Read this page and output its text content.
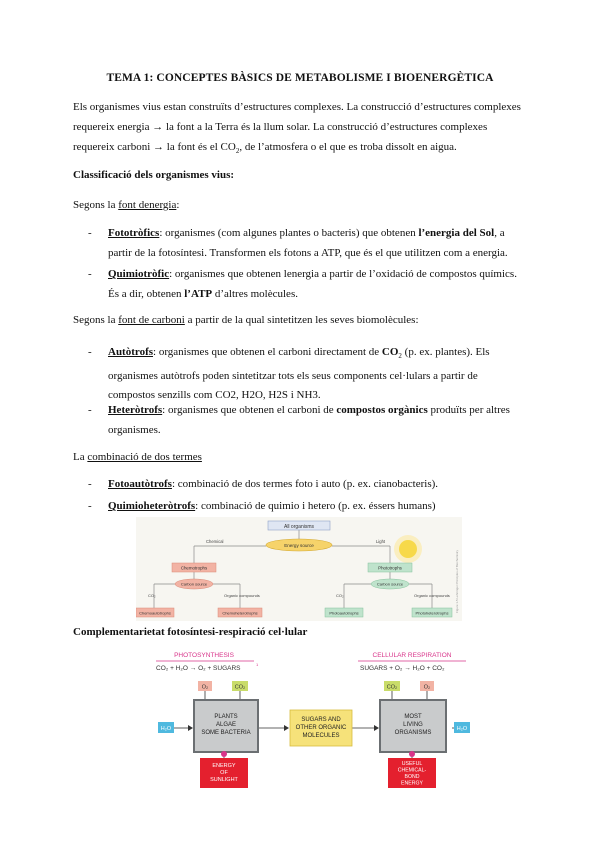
TEMA 1: CONCEPTES BÀSICS DE METABOLISME I BIOENERGÈTICA
Els organismes vius estan construïts d’estructures complexes. La construcció d’estructures complexes
requereix energia → la font a la Terra és la llum solar. La construcció d’estructures complexes
requereix carboni → la font és el $CO_2$, de l’atmosfera o el que es troba dissolt en aigua.
Classificació dels organismes vius:
Segons la font denergia:
- Fototròfics: organismes (com algunes plantes o bacteris) que obtenen l’energia del Sol, a
partir de la fotosíntesi. Transformen els fotons a ATP, que és el que utilitzen com a energia.
- Quimiotròfic: organismes que obtenen lenergia a partir de l’oxidació de compostos químics.
És a dir, obtenen l’ATP d’altres molècules.
Segons la font de carboni a partir de la qual sintetitzen les seves biomolècules:
- Autòtrofs: organismes que obtenen el carboni directament de $CO_2$ (p. ex. plantes). Els
organismes autòtrofs poden sintetitzar tots els seus components cel·lulars a partir de
compostos senzills com CO2, H2O, H2S i NH3.
- Heteròtrofs: organismes que obtenen el carboni de compostos orgànics produïts per altres
organismes.
La combinació de dos termes
- Fotoautòtrofs: combinació de dos termes foto i auto (p. ex. cianobacteris).
- Quimioheteròtrofs: combinació de quimio i hetero (p. ex. éssers humans)
All organisms
Energy source
Chemical	Light
Chemotrophs	Phototrophs
Carbon source	Carbon source
CO₂	Organic compounds	CO₂	Organic compounds
Chemoautotrophs	Chemoheterotrophs	Photoautotrophs	Photoheterotrophs Figure 1-5 Lehninger Principles of Biochemistry
Complementarietat fotosíntesi-respiració cel·lular
PHOTOSYNTHESIS
CO₂ + H₂O → O₂ + SUGARS
1
CELLULAR RESPIRATION
SUGARS + O₂ → H₂O + CO₂
O₂	CO₂	CO₂	O₂
H₂O	H₂O
PLANTS
ALGAE
SOME BACTERIA
SUGARS AND
OTHER ORGANIC
MOLECULES
MOST
LIVING
ORGANISMS
ENERGY
OF
SUNLIGHT
USEFUL
CHEMICAL-
BOND
ENERGY
